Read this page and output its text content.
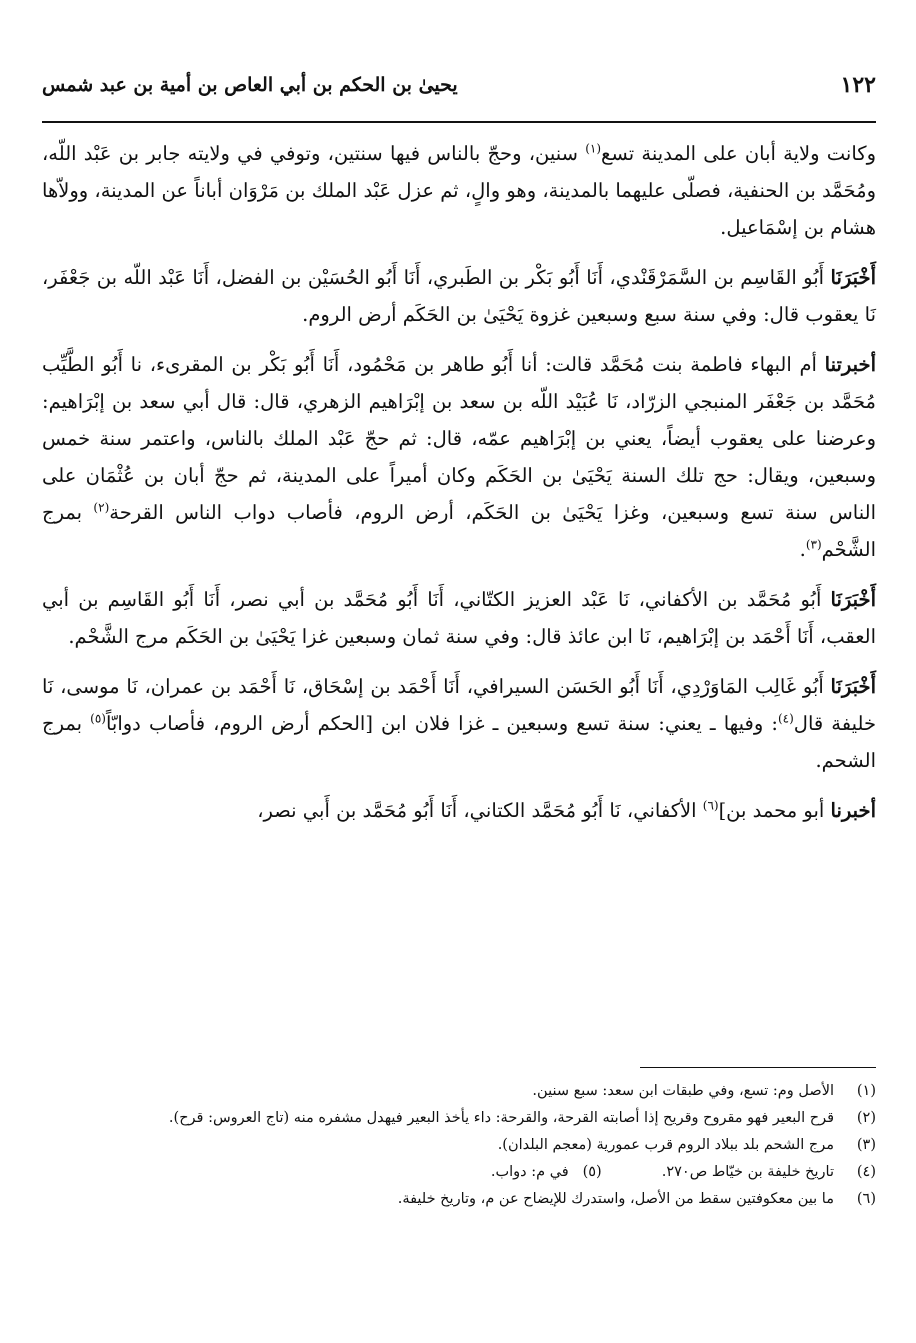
١٢٢
يحيىٰ بن الحكم بن أبي العاص بن أمية بن عبد شمس

وكانت ولاية أبان على المدينة تسع$^{(١)}$ سنين، وحجّ بالناس فيها سنتين، وتوفي في ولايته جابر بن عَبْد اللّه، ومُحَمَّد بن الحنفية، فصلّى عليهما بالمدينة، وهو والٍ، ثم عزل عَبْد الملك بن مَرْوَان أباناً عن المدينة، وولاّها هشام بن إسْمَاعيل.

أَخْبَرَنَا أَبُو القَاسِم بن السَّمَرْقَنْدي، أَنَا أَبُو بَكْر بن الطَبري، أَنَا أَبُو الحُسَيْن بن الفضل، أَنَا عَبْد اللّه بن جَعْفَر، نَا يعقوب قال: وفي سنة سبع وسبعين غزوة يَحْيَىٰ بن الحَكَم أرض الروم.

أخبرتنا أم البهاء فاطمة بنت مُحَمَّد قالت: أنا أَبُو طاهر بن مَحْمُود، أَنَا أَبُو بَكْر بن المقرىء، نا أَبُو الطَّيِّب مُحَمَّد بن جَعْفَر المنبجي الزرّاد، نَا عُبَيْد اللّه بن سعد بن إبْرَاهيم الزهري، قال: قال أبي سعد بن إبْرَاهيم: وعرضنا على يعقوب أيضاً، يعني بن إبْرَاهيم عمّه، قال: ثم حجّ عَبْد الملك بالناس، واعتمر سنة خمس وسبعين، ويقال: حج تلك السنة يَحْيَىٰ بن الحَكَم وكان أميراً على المدينة، ثم حجّ أبان بن عُثْمَان على الناس سنة تسع وسبعين، وغزا يَحْيَىٰ بن الحَكَم، أرض الروم، فأصاب دواب الناس القرحة$^{(٢)}$ بمرج الشَّحْم$^{(٣)}$.

أَخْبَرَنَا أَبُو مُحَمَّد بن الأكفاني، نَا عَبْد العزيز الكتّاني، أَنَا أَبُو مُحَمَّد بن أبي نصر، أَنَا أَبُو القَاسِم بن أبي العقب، أَنَا أَحْمَد بن إبْرَاهيم، نَا ابن عائذ قال: وفي سنة ثمان وسبعين غزا يَحْيَىٰ بن الحَكَم مرج الشَّحْم.

أَخْبَرَنَا أَبُو غَالِب المَاوَرْدِي، أَنَا أَبُو الحَسَن السيرافي، أَنَا أَحْمَد بن إسْحَاق، نَا أَحْمَد بن عمران، نَا موسى، نَا خليفة قال$^{(٤)}$: وفيها ـ يعني: سنة تسع وسبعين ـ غزا فلان ابن [الحكم أرض الروم، فأصاب دوابّاً$^{(٥)}$ بمرج الشحم.

أخبرنا أبو محمد بن]$^{(٦)}$ الأكفاني، نَا أَبُو مُحَمَّد الكتاني، أَنَا أَبُو مُحَمَّد بن أَبي نصر،

(١)
الأصل وم: تسع، وفي طبقات ابن سعد: سبع سنين.
(٢)
قرح البعير فهو مقروح وقريح إذا أصابته القرحة، والقرحة: داء يأخذ البعير فيهدل مشفره منه (تاج العروس: قرح).
(٣)
مرج الشحم بلد ببلاد الروم قرب عمورية (معجم البلدان).
(٤)
تاريخ خليفة بن خيّاط ص٢٧٠.
(٥)

في م: دواب.
(٦)
ما بين معكوفتين سقط من الأصل، واستدرك للإيضاح عن م، وتاريخ خليفة.
